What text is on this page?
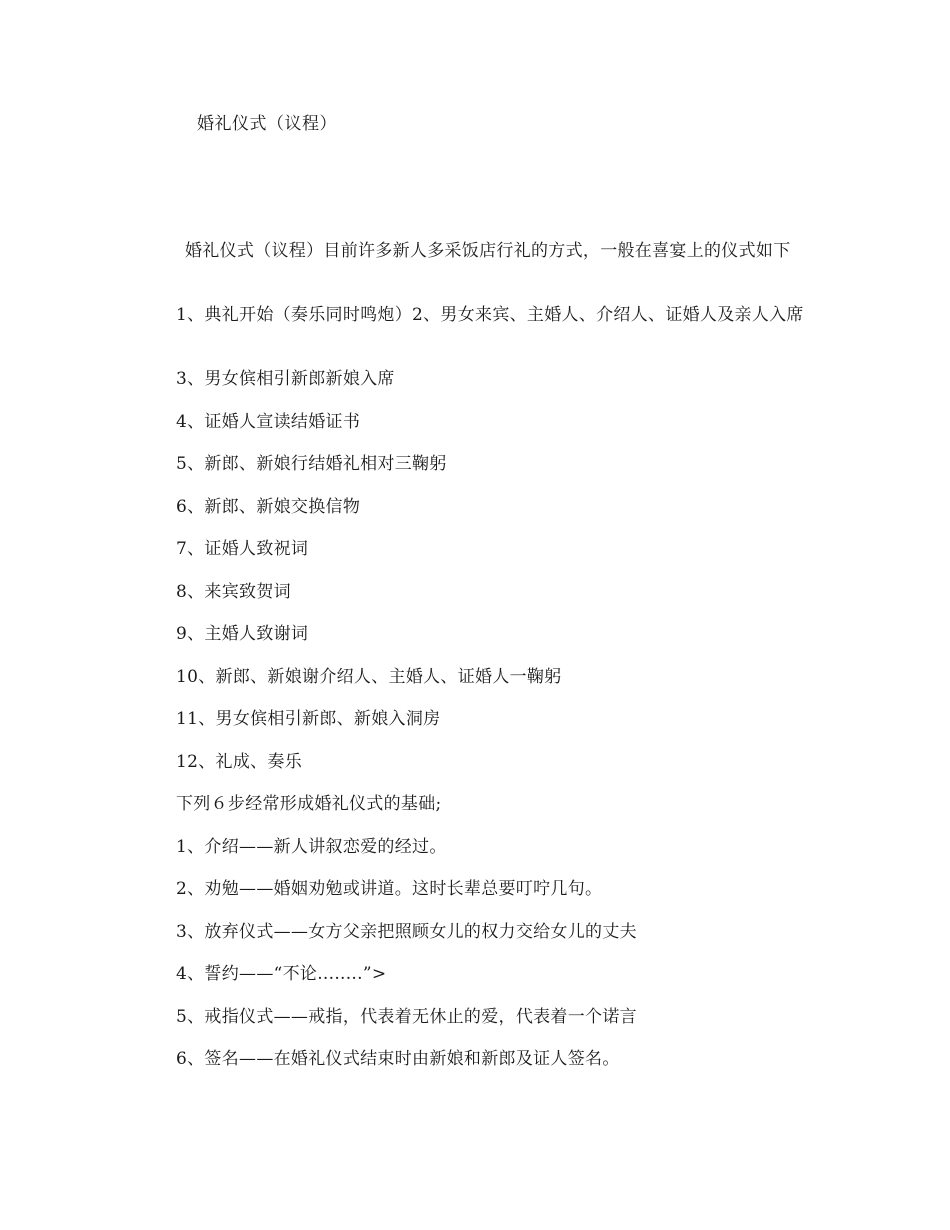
婚礼仪式（议程）
婚礼仪式（议程）目前许多新人多采饭店行礼的方式，一般在喜宴上的仪式如下
1、典礼开始（奏乐同时鸣炮）2、男女来宾、主婚人、介绍人、证婚人及亲人入席
3、男女傧相引新郎新娘入席
4、证婚人宣读结婚证书
5、新郎、新娘行结婚礼相对三鞠躬
6、新郎、新娘交换信物
7、证婚人致祝词
8、来宾致贺词
9、主婚人致谢词
10、新郎、新娘谢介绍人、主婚人、证婚人一鞠躬
11、男女傧相引新郎、新娘入洞房
12、礼成、奏乐
下列６步经常形成婚礼仪式的基础;
1、介绍——新人讲叙恋爱的经过。
2、劝勉——婚姻劝勉或讲道。这时长辈总要叮咛几句。
3、放弃仪式——女方父亲把照顾女儿的权力交给女儿的丈夫
4、誓约——“不论........”>
5、戒指仪式——戒指，代表着无休止的爱，代表着一个诺言
6、签名——在婚礼仪式结束时由新娘和新郎及证人签名。
